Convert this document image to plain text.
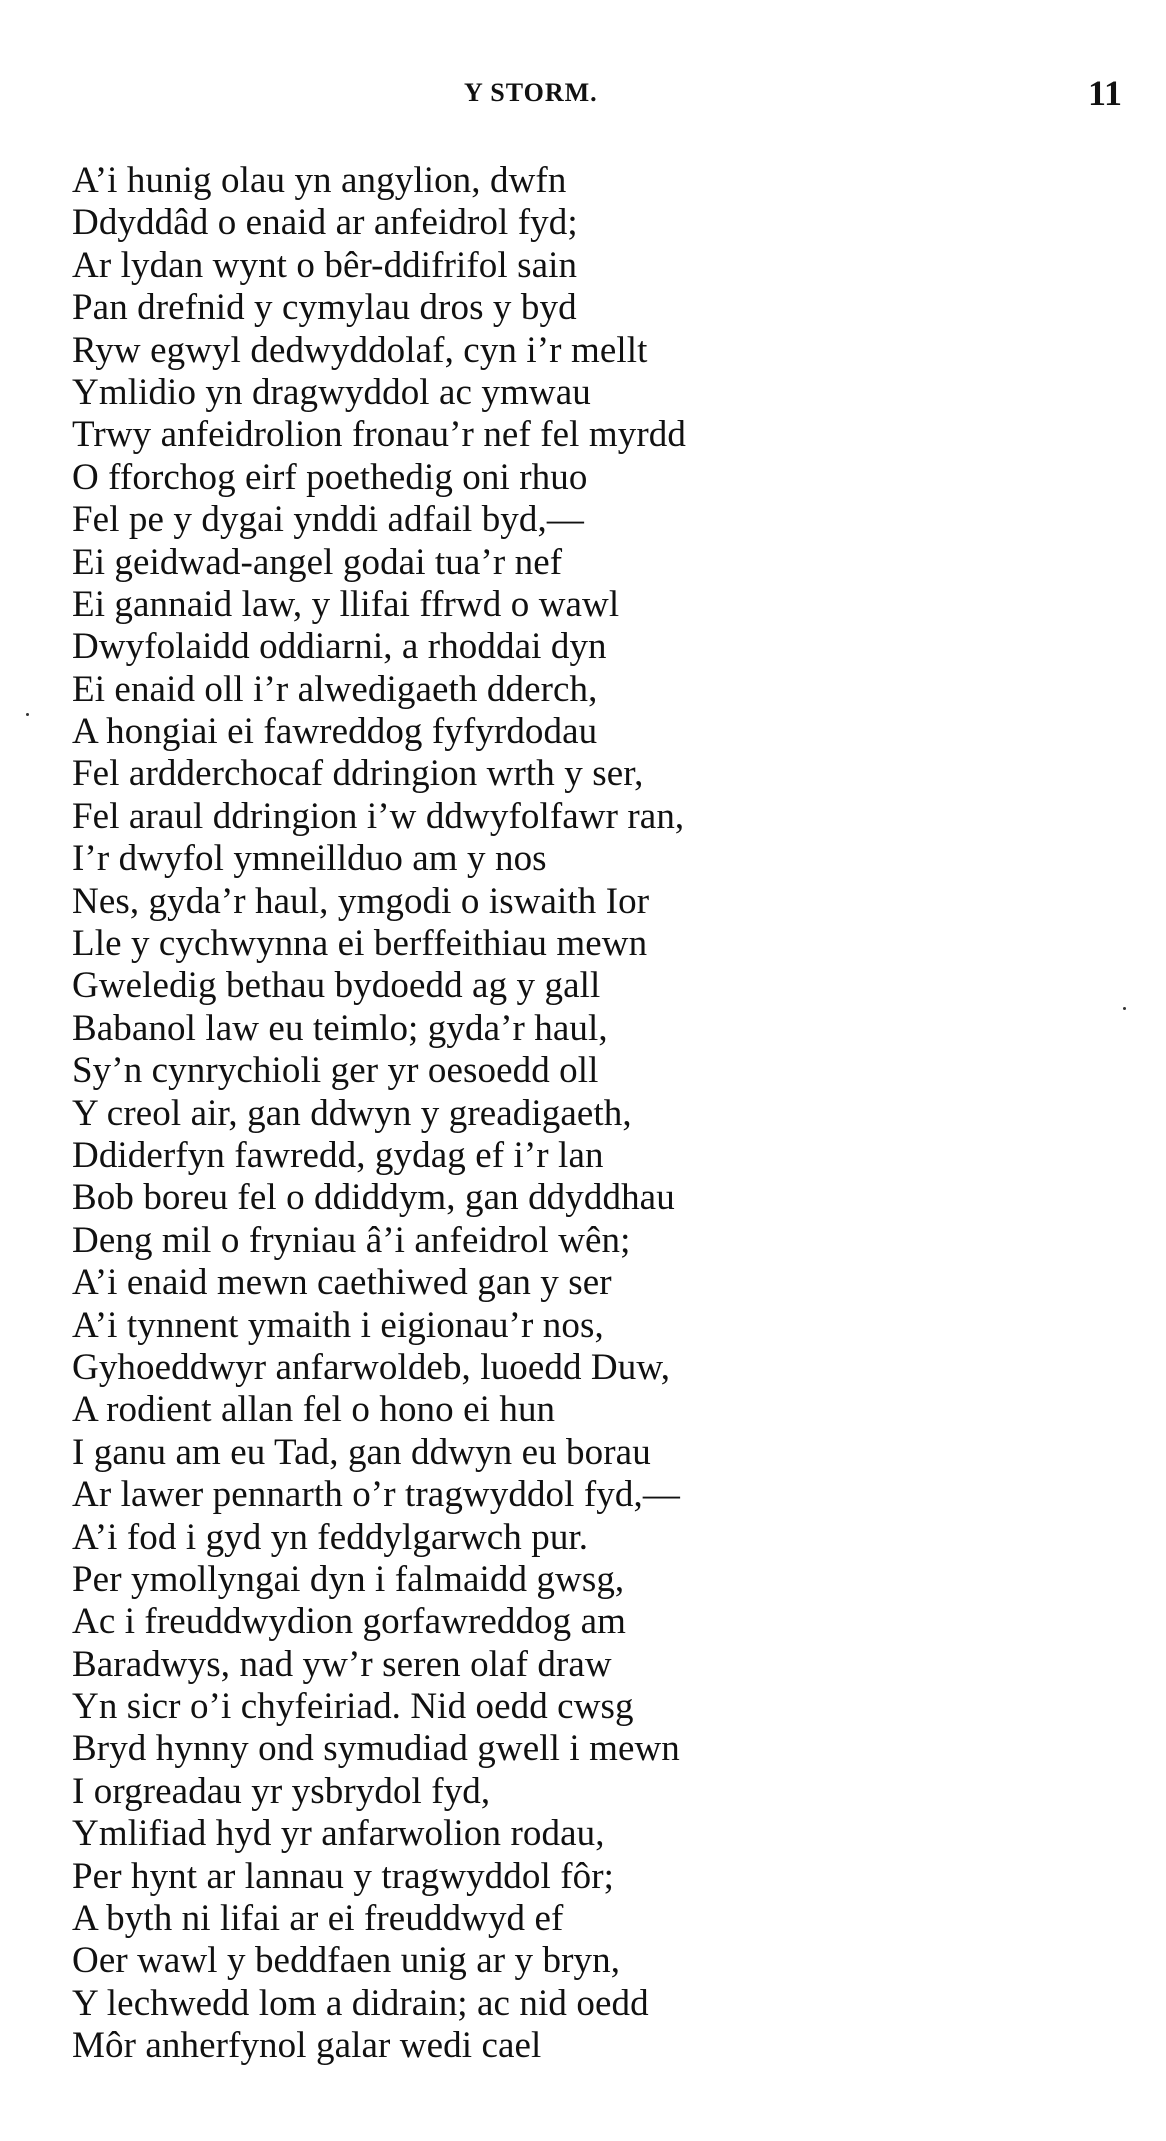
Y STORM.	11
A’i hunig olau yn angylion, dwfn
Ddyddâd o enaid ar anfeidrol fyd;
Ar lydan wynt o bêr-ddifrifol sain
Pan drefnid y cymylau dros y byd
Ryw egwyl dedwyddolaf, cyn i’r mellt
Ymlidio yn dragwyddol ac ymwau
Trwy anfeidrolion fronau’r nef fel myrdd
O fforchog eirf poethedig oni rhuo
Fel pe y dygai ynddi adfail byd,—
Ei geidwad-angel godai tua’r nef
Ei gannaid law, y llifai ffrwd o wawl
Dwyfolaidd oddiarni, a rhoddai dyn
Ei enaid oll i’r alwedigaeth dderch,
A hongiai ei fawreddog fyfyrdodau
Fel ardderchocaf ddringion wrth y ser,
Fel araul ddringion i’w ddwyfolfawr ran,
I’r dwyfol ymneillduo am y nos
Nes, gyda’r haul, ymgodi o iswaith Ior
Lle y cychwynna ei berffeithiau mewn
Gweledig bethau bydoedd ag y gall
Babanol law eu teimlo; gyda’r haul,
Sy’n cynrychioli ger yr oesoedd oll
Y creol air, gan ddwyn y greadigaeth,
Ddiderfyn fawredd, gydag ef i’r lan
Bob boreu fel o ddiddym, gan ddyddhau
Deng mil o fryniau â’i anfeidrol wên;
A’i enaid mewn caethiwed gan y ser
A’i tynnent ymaith i eigionau’r nos,
Gyhoeddwyr anfarwoldeb, luoedd Duw,
A rodient allan fel o hono ei hun
I ganu am eu Tad, gan ddwyn eu borau
Ar lawer pennarth o’r tragwyddol fyd,—
A’i fod i gyd yn feddylgarwch pur.
Per ymollyngai dyn i falmaidd gwsg,
Ac i freuddwydion gorfawreddog am
Baradwys, nad yw’r seren olaf draw
Yn sicr o’i chyfeiriad. Nid oedd cwsg
Bryd hynny ond symudiad gwell i mewn
I orgreadau yr ysbrydol fyd,
Ymlifiad hyd yr anfarwolion rodau,
Per hynt ar lannau y tragwyddol fôr;
A byth ni lifai ar ei freuddwyd ef
Oer wawl y beddfaen unig ar y bryn,
Y lechwedd lom a didrain; ac nid oedd
Môr anherfynol galar wedi cael
